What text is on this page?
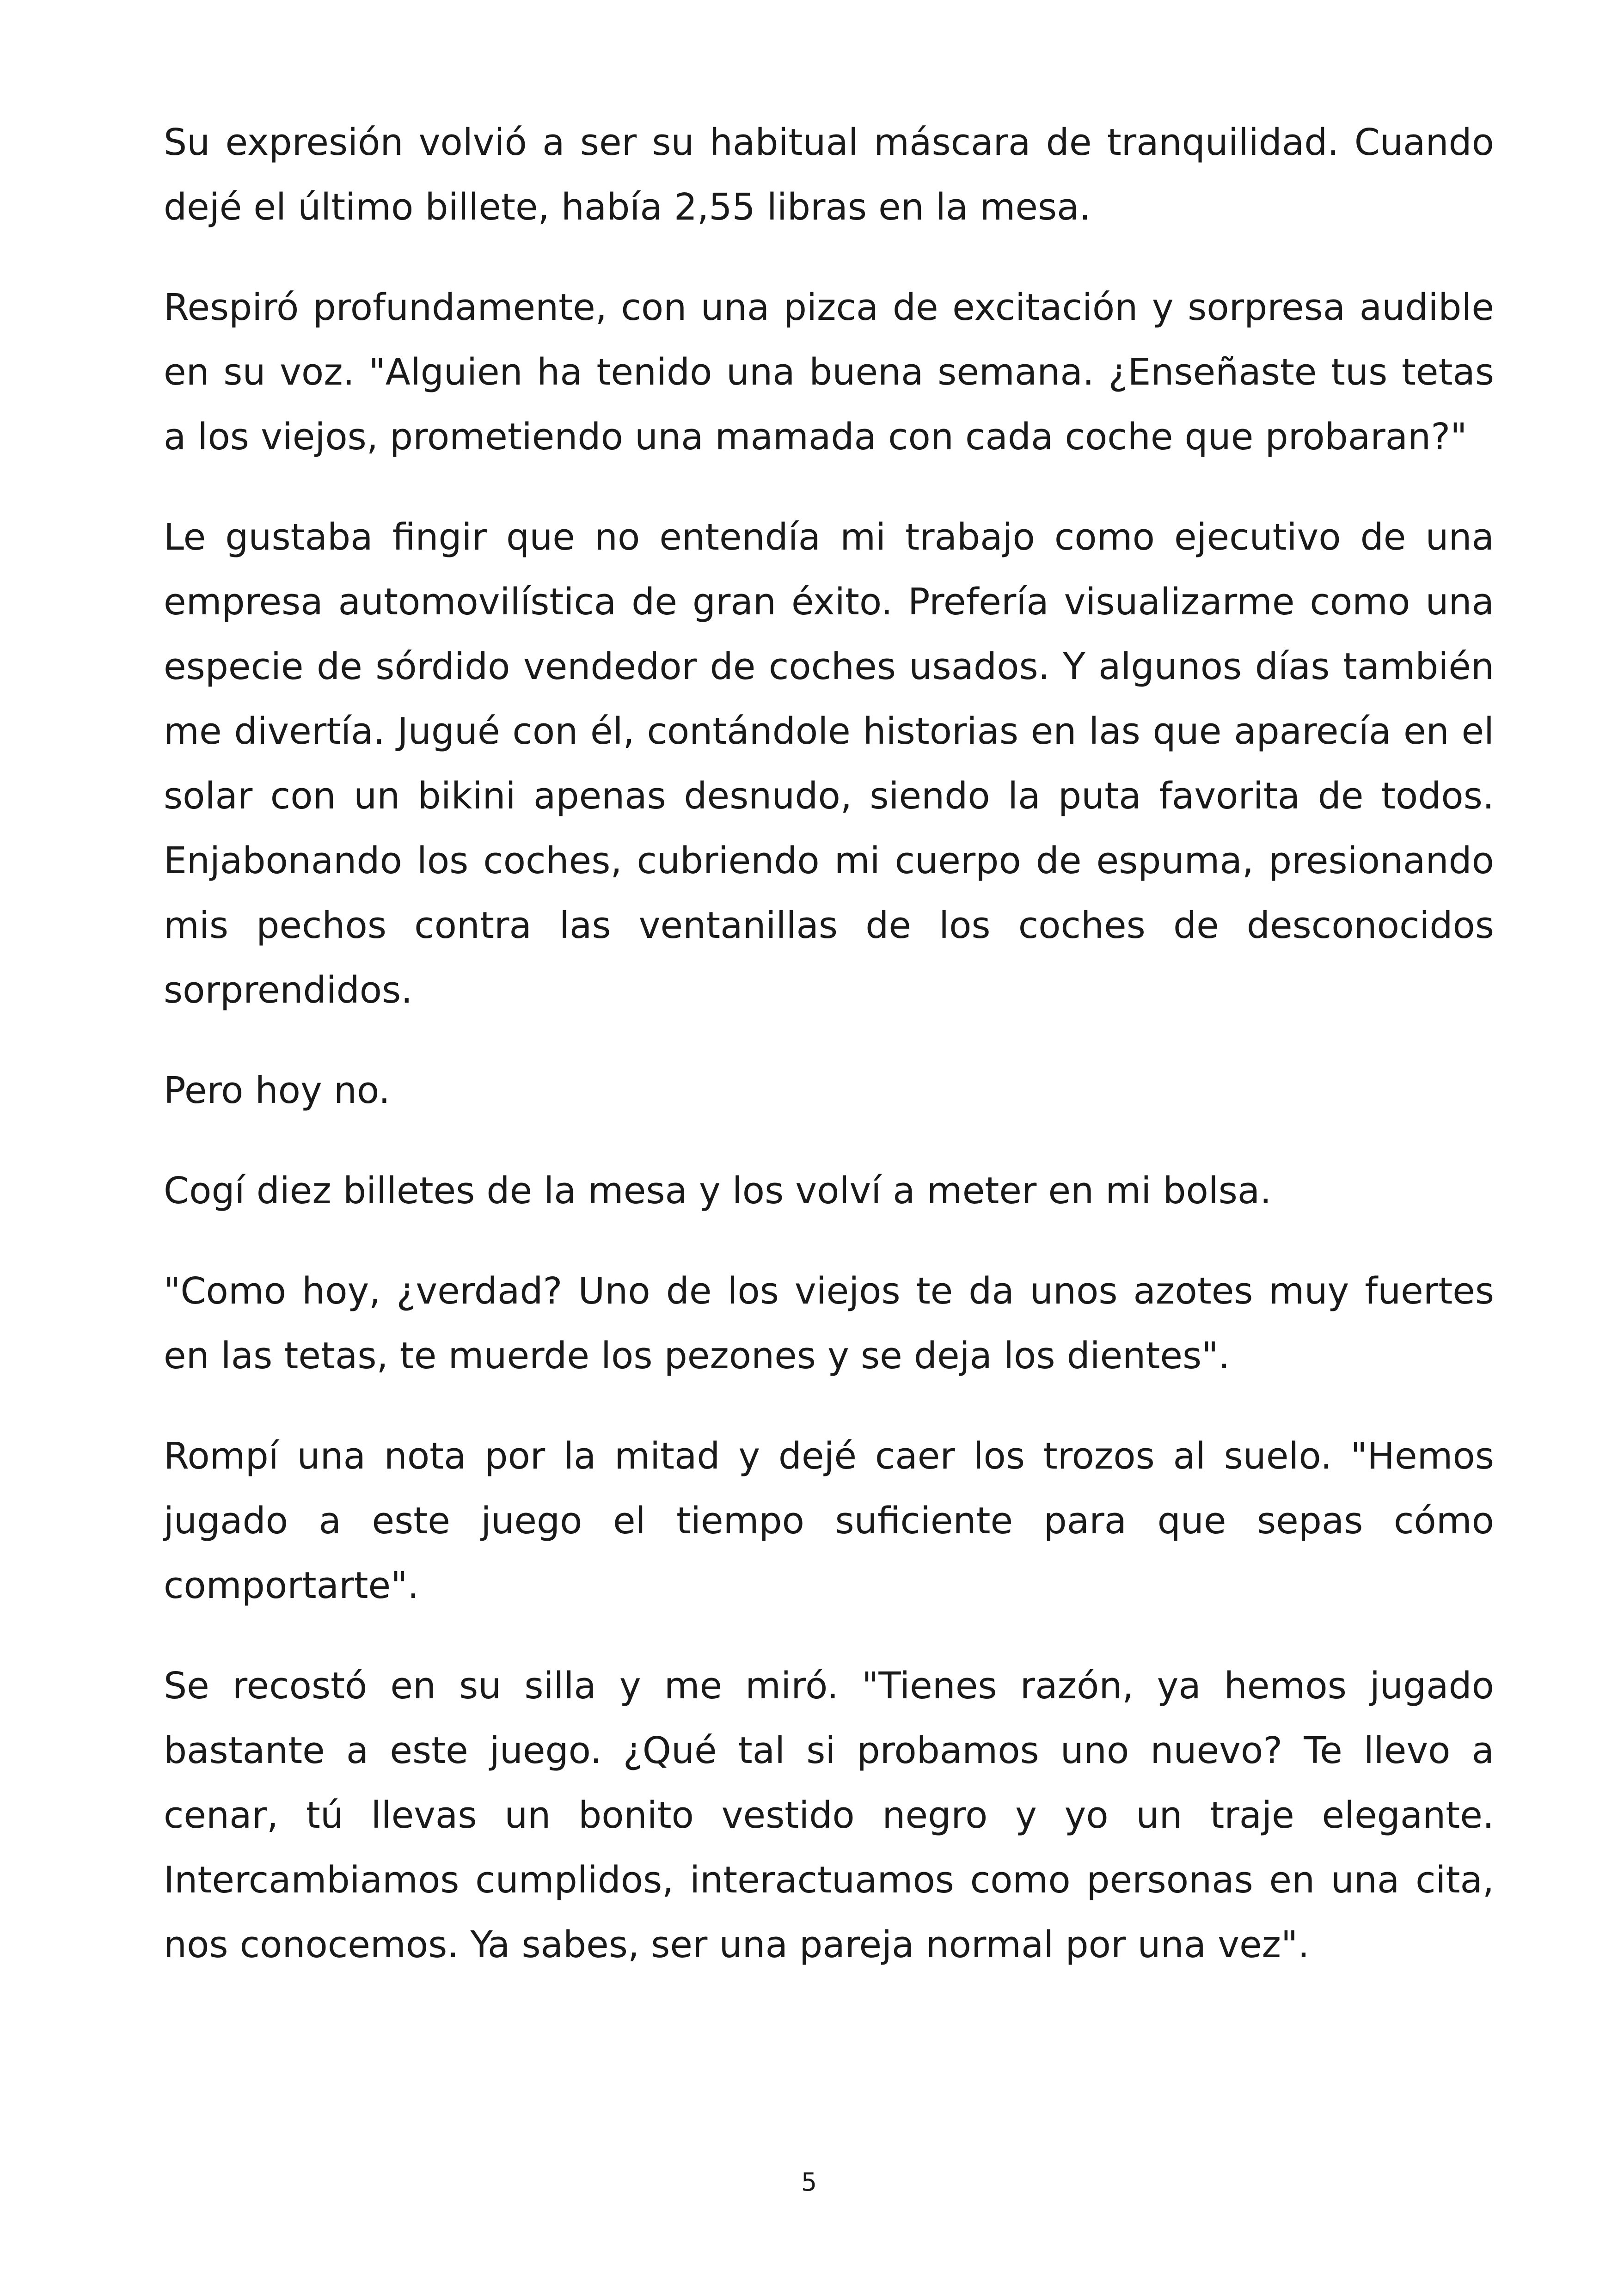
Su expresión volvió a ser su habitual máscara de tranquilidad. Cuando dejé el último billete, había 2,55 libras en la mesa.

Respiró profundamente, con una pizca de excitación y sorpresa audible en su voz. "Alguien ha tenido una buena semana. ¿Enseñaste tus tetas a los viejos, prometiendo una mamada con cada coche que probaran?"

Le gustaba fingir que no entendía mi trabajo como ejecutivo de una empresa automovilística de gran éxito. Prefería visualizarme como una especie de sórdido vendedor de coches usados. Y algunos días también me divertía. Jugué con él, contándole historias en las que aparecía en el solar con un bikini apenas desnudo, siendo la puta favorita de todos. Enjabonando los coches, cubriendo mi cuerpo de espuma, presionando mis pechos contra las ventanillas de los coches de desconocidos sorprendidos.

Pero hoy no.

Cogí diez billetes de la mesa y los volví a meter en mi bolsa.

"Como hoy, ¿verdad? Uno de los viejos te da unos azotes muy fuertes en las tetas, te muerde los pezones y se deja los dientes".

Rompí una nota por la mitad y dejé caer los trozos al suelo. "Hemos jugado a este juego el tiempo suficiente para que sepas cómo comportarte".

Se recostó en su silla y me miró. "Tienes razón, ya hemos jugado bastante a este juego. ¿Qué tal si probamos uno nuevo? Te llevo a cenar, tú llevas un bonito vestido negro y yo un traje elegante. Intercambiamos cumplidos, interactuamos como personas en una cita, nos conocemos. Ya sabes, ser una pareja normal por una vez".

5
